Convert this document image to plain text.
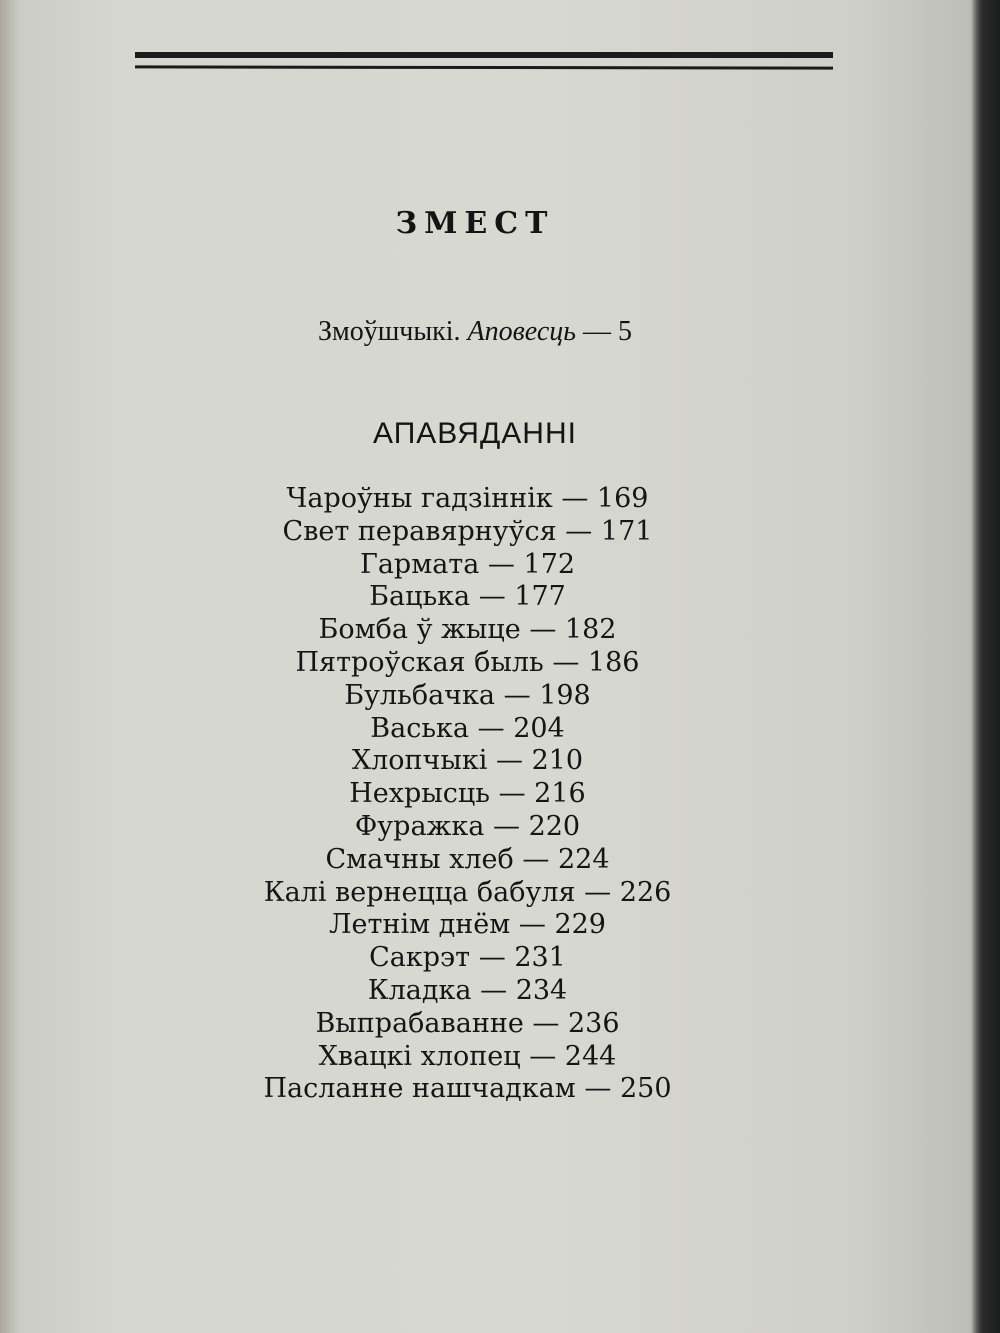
ЗМЕСТ
Змоўшчыкі. Аповесць — 5
АПАВЯДАННІ
Чароўны гадзіннік — 169
Свет перавярнуўся — 171
Гармата — 172
Бацька — 177
Бомба ў жыце — 182
Пятроўская быль — 186
Бульбачка — 198
Васька — 204
Хлопчыкі — 210
Нехрысць — 216
Фуражка — 220
Смачны хлеб — 224
Калі вернецца бабуля — 226
Летнім днём — 229
Сакрэт — 231
Кладка — 234
Выпрабаванне — 236
Хвацкі хлопец — 244
Пасланне нашчадкам — 250
